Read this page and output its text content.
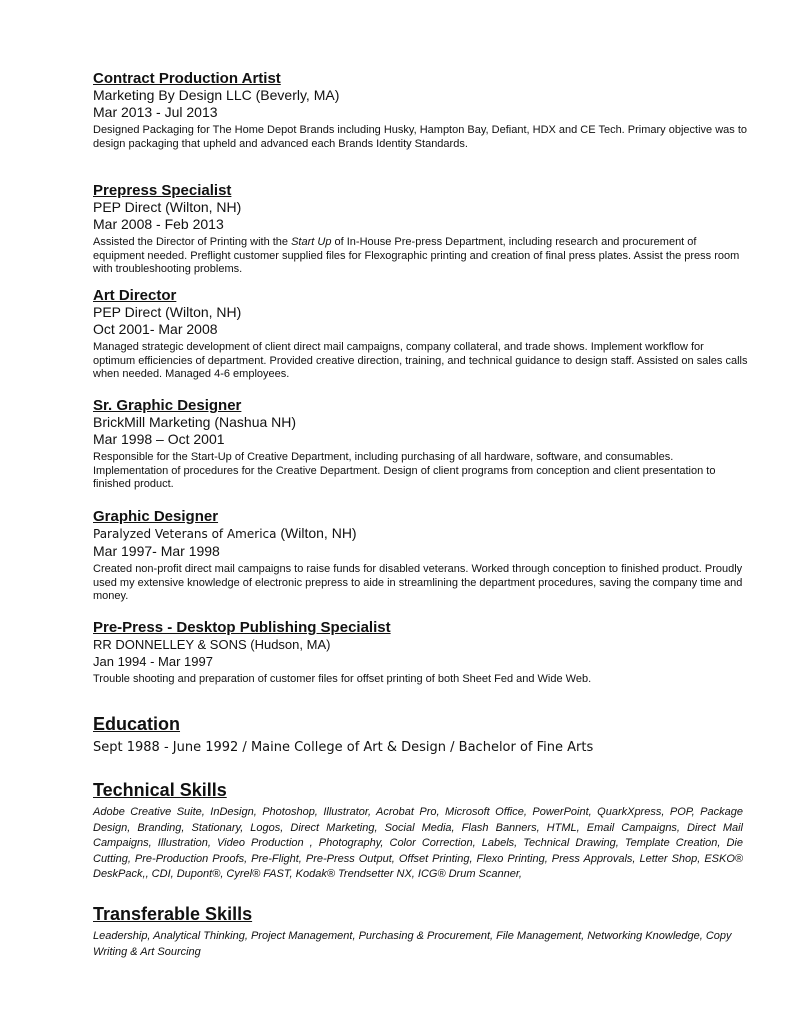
Contract Production Artist

Marketing By Design LLC (Beverly, MA)

Mar 2013 - Jul 2013

Designed Packaging for The Home Depot Brands including Husky, Hampton Bay, Defiant, HDX and CE Tech. Primary objective was to design packaging that upheld and advanced each Brands Identity Standards.

Prepress Specialist

PEP Direct (Wilton, NH)

Mar 2008 - Feb 2013

Assisted the Director of Printing with the Start Up of In-House Pre-press Department, including research and procurement of equipment needed. Preflight customer supplied files for Flexographic printing and creation of final press plates. Assist the press room with troubleshooting problems.

Art Director

PEP Direct (Wilton, NH)

Oct 2001- Mar 2008

Managed strategic development of client direct mail campaigns, company collateral, and trade shows. Implement workflow for optimum efficiencies of department. Provided creative direction, training, and technical guidance to design staff. Assisted on sales calls when needed. Managed 4-6 employees.

Sr. Graphic Designer

BrickMill Marketing (Nashua NH)

Mar 1998 – Oct 2001

Responsible for the Start-Up of Creative Department, including purchasing of all hardware, software, and consumables. Implementation of procedures for the Creative Department. Design of client programs from conception and client presentation to finished product.

Graphic Designer

Paralyzed Veterans of America (Wilton, NH)

Mar 1997- Mar 1998

Created non-profit direct mail campaigns to raise funds for disabled veterans. Worked through conception to finished product. Proudly used my extensive knowledge of electronic prepress to aide in streamlining the department procedures, saving the company time and money.

Pre-Press - Desktop Publishing Specialist

RR DONNELLEY & SONS (Hudson, MA)

Jan 1994 - Mar 1997

Trouble shooting and preparation of customer files for offset printing of both Sheet Fed and Wide Web.

Education

Sept 1988 - June 1992 / Maine College of Art & Design / Bachelor of Fine Arts

Technical Skills

Adobe Creative Suite, InDesign, Photoshop, Illustrator, Acrobat Pro, Microsoft Office, PowerPoint, QuarkXpress, POP, Package Design, Branding, Stationary, Logos, Direct Marketing, Social Media, Flash Banners, HTML, Email Campaigns, Direct Mail Campaigns, Illustration, Video Production , Photography, Color Correction, Labels, Technical Drawing, Template Creation, Die Cutting, Pre-Production Proofs, Pre-Flight, Pre-Press Output, Offset Printing, Flexo Printing, Press Approvals, Letter Shop, ESKO® DeskPack,, CDI, Dupont®, Cyrel® FAST, Kodak® Trendsetter NX, ICG® Drum Scanner,

Transferable Skills

Leadership, Analytical Thinking, Project Management, Purchasing & Procurement, File Management, Networking Knowledge, Copy Writing & Art Sourcing
